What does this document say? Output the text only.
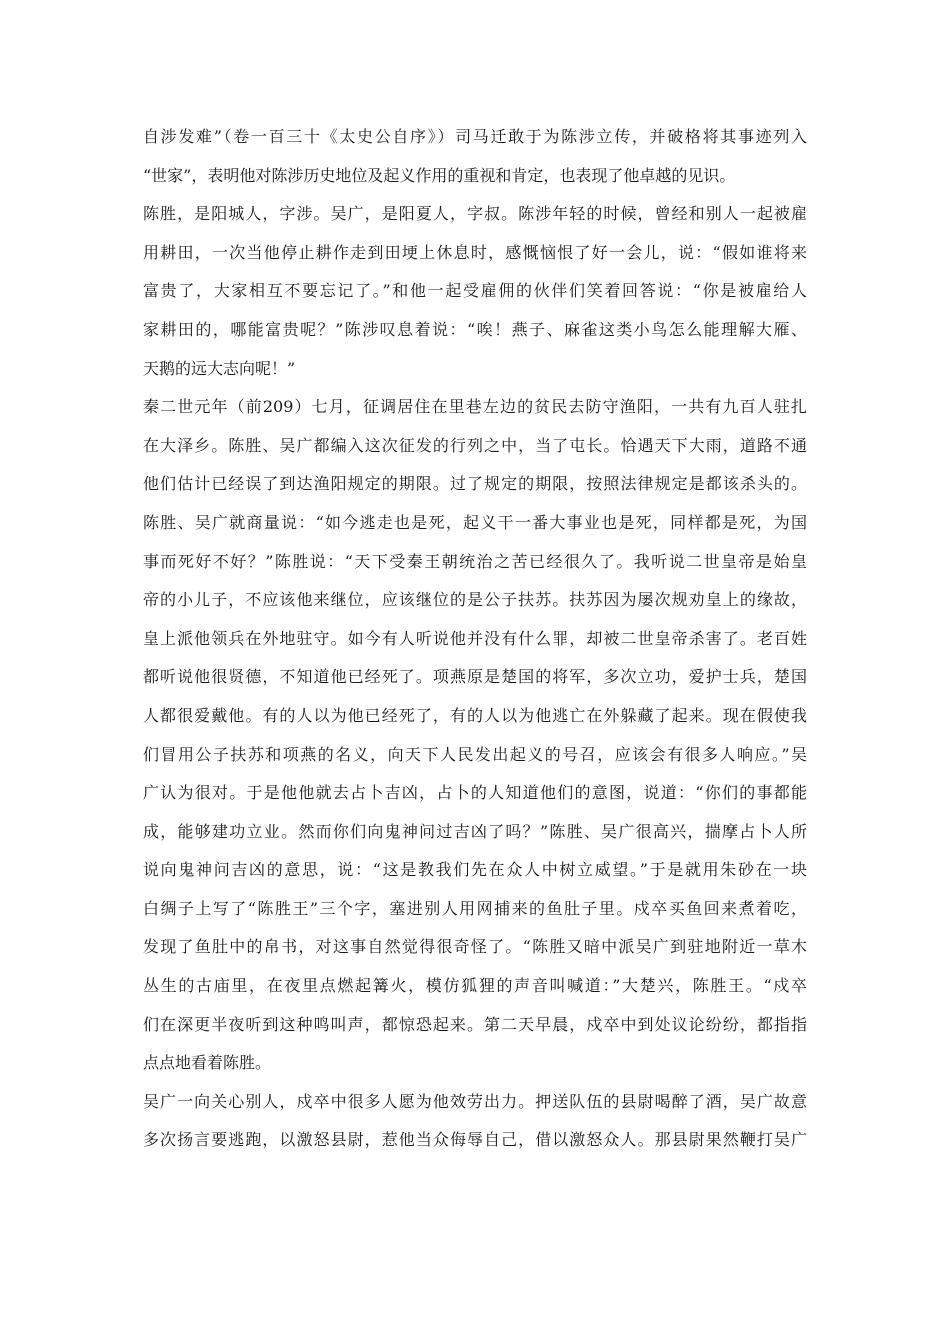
自涉发难”（卷一百三十《太史公自序》）司马迁敢于为陈涉立传，并破格将其事迹列入
“世家”，表明他对陈涉历史地位及起义作用的重视和肯定，也表现了他卓越的见识。
陈胜，是阳城人，字涉。吴广，是阳夏人，字叔。陈涉年轻的时候，曾经和别人一起被雇
用耕田，一次当他停止耕作走到田埂上休息时，感慨恼恨了好一会儿，说：“假如谁将来
富贵了，大家相互不要忘记了。”和他一起受雇佣的伙伴们笑着回答说：“你是被雇给人
家耕田的，哪能富贵呢？”陈涉叹息着说：“唉！燕子、麻雀这类小鸟怎么能理解大雁、
天鹅的远大志向呢！”
秦二世元年（前209）七月，征调居住在里巷左边的贫民去防守渔阳，一共有九百人驻扎
在大泽乡。陈胜、吴广都编入这次征发的行列之中，当了屯长。恰遇天下大雨，道路不通
他们估计已经误了到达渔阳规定的期限。过了规定的期限，按照法律规定是都该杀头的。
陈胜、吴广就商量说：“如今逃走也是死，起义干一番大事业也是死，同样都是死，为国
事而死好不好？”陈胜说：“天下受秦王朝统治之苦已经很久了。我听说二世皇帝是始皇
帝的小儿子，不应该他来继位，应该继位的是公子扶苏。扶苏因为屡次规劝皇上的缘故，
皇上派他领兵在外地驻守。如今有人听说他并没有什么罪，却被二世皇帝杀害了。老百姓
都听说他很贤德，不知道他已经死了。项燕原是楚国的将军，多次立功，爱护士兵，楚国
人都很爱戴他。有的人以为他已经死了，有的人以为他逃亡在外躲藏了起来。现在假使我
们冒用公子扶苏和项燕的名义，向天下人民发出起义的号召，应该会有很多人响应。”吴
广认为很对。于是他他就去占卜吉凶，占卜的人知道他们的意图，说道：“你们的事都能
成，能够建功立业。然而你们向鬼神问过吉凶了吗？”陈胜、吴广很高兴，揣摩占卜人所
说向鬼神问吉凶的意思，说：“这是教我们先在众人中树立威望。”于是就用朱砂在一块
白绸子上写了“陈胜王”三个字，塞进别人用网捕来的鱼肚子里。戍卒买鱼回来煮着吃，
发现了鱼肚中的帛书，对这事自然觉得很奇怪了。“陈胜又暗中派吴广到驻地附近一草木
丛生的古庙里，在夜里点燃起篝火，模仿狐狸的声音叫喊道：”大楚兴，陈胜王。“戍卒
们在深更半夜听到这种鸣叫声，都惊恐起来。第二天早晨，戍卒中到处议论纷纷，都指指
点点地看着陈胜。
吴广一向关心别人，戍卒中很多人愿为他效劳出力。押送队伍的县尉喝醉了酒，吴广故意
多次扬言要逃跑，以激怒县尉，惹他当众侮辱自己，借以激怒众人。那县尉果然鞭打吴广
